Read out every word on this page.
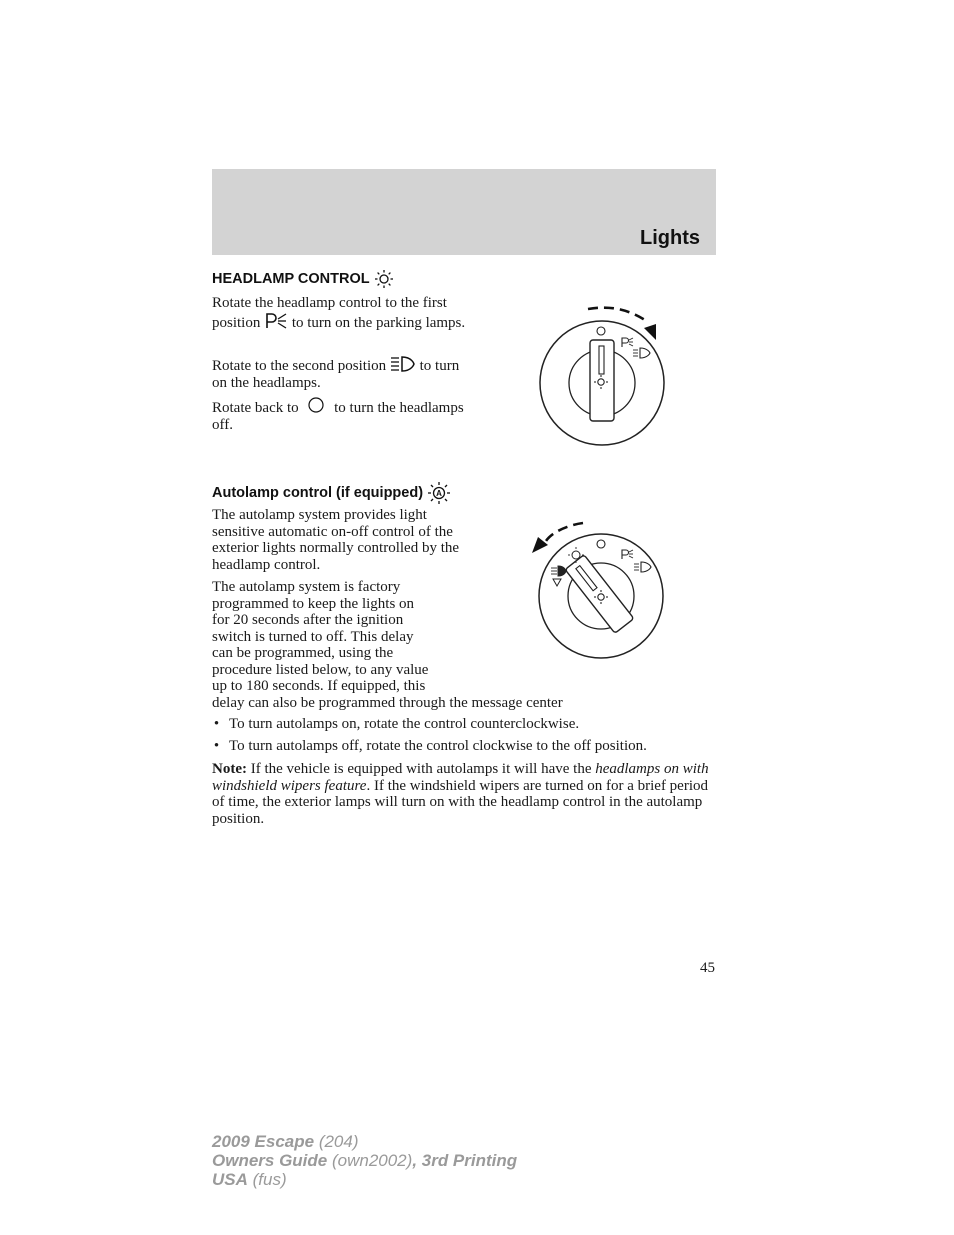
Lights
HEADLAMP CONTROL

Rotate the headlamp control to the first position to turn on the parking lamps.

Rotate to the second position to turn on the headlamps.

Rotate back to to turn the headlamps off.

Autolamp control (if equipped) A

The autolamp system provides light sensitive automatic on-off control of the exterior lights normally controlled by the headlamp control.

The autolamp system is factory
programmed to keep the lights on
for 20 seconds after the ignition
switch is turned to off. This delay
can be programmed, using the
procedure listed below, to any value
up to 180 seconds. If equipped, this
delay can also be programmed through the message center
• To turn autolamps on, rotate the control counterclockwise.
• To turn autolamps off, rotate the control clockwise to the off position.

Note: If the vehicle is equipped with autolamps it will have the headlamps on with windshield wipers feature. If the windshield wipers are turned on for a brief period of time, the exterior lamps will turn on with the headlamp control in the autolamp position.

45
2009 Escape (204)
Owners Guide (own2002), 3rd Printing
USA (fus)
